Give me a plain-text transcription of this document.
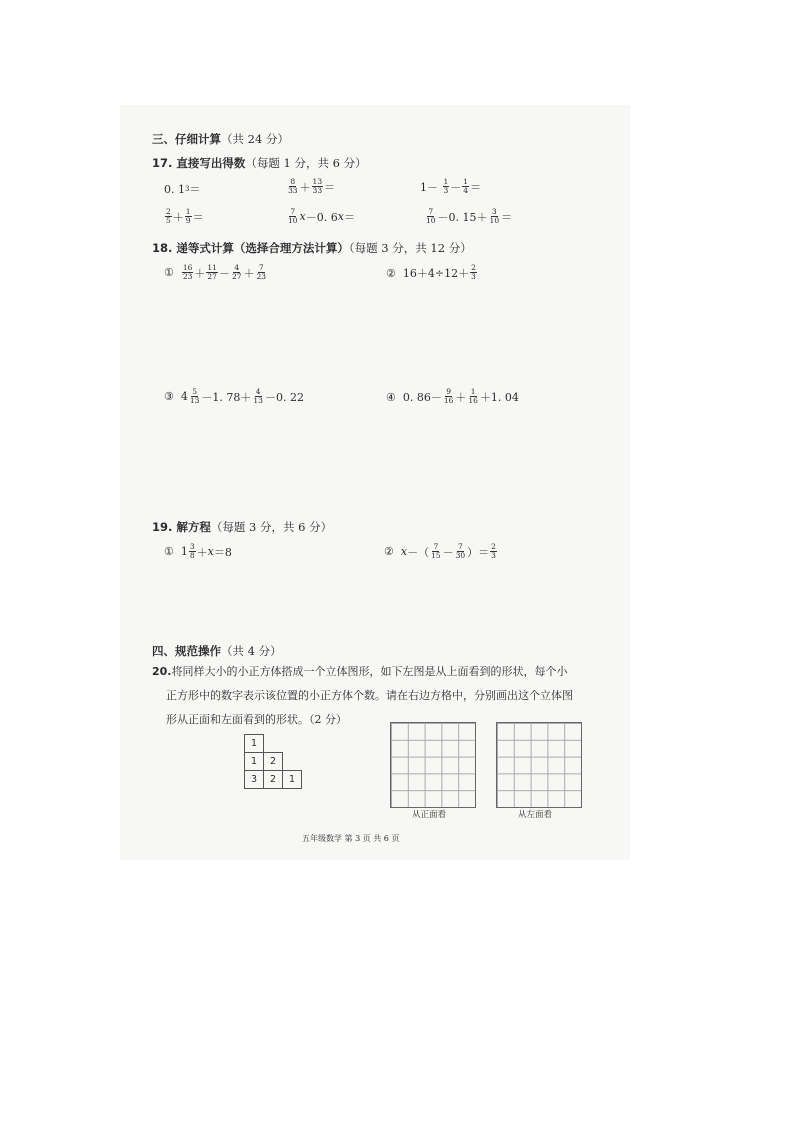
三、仔细计算（共 24 分）
17. 直接写出得数（每题 1 分，共 6 分）
0. 1 3 ＝	$\frac{8}{33} + \frac{13}{33}$ ＝	$1- \frac{1}{3} - \frac{1}{4}$ ＝
$\frac{2}{5} + \frac{1}{9}$ ＝	$\frac{7}{10}$ x －0. 6 x ＝	$\frac{7}{10} -0$. $15+ \frac{3}{10}$ ＝
18. 递等式计算（选择合理方法计算）（每题 3 分，共 12 分）
① $\frac{16}{23} + \frac{11}{27} - \frac{4}{27} + \frac{7}{23}$	②  $16+4\div 12+ \frac{2}{3}$
③  $4 \frac{5}{13} -1$. $78+ \frac{4}{13} -0$. 22	④  0. $86- \frac{9}{16} + \frac{1}{16} +1$. 04
19. 解方程（每题 3 分，共 6 分）
①  $1 \frac{3}{8} + x =8$	② x －（ $\frac{7}{15} - \frac{7}{30}$ ）＝ $\frac{2}{3}$
四、规范操作（共 4 分）
20.将同样大小的小正方体搭成一个立体图形，如下左图是从上面看到的形状，每个小
正方形中的数字表示该位置的小正方体个数。请在右边方格中，分别画出这个立体图
形从正面和左面看到的形状。（2 分）
1		
1	2	
3	2	1
从正面看	从左面看
五年级数学 第 3 页 共 6 页
